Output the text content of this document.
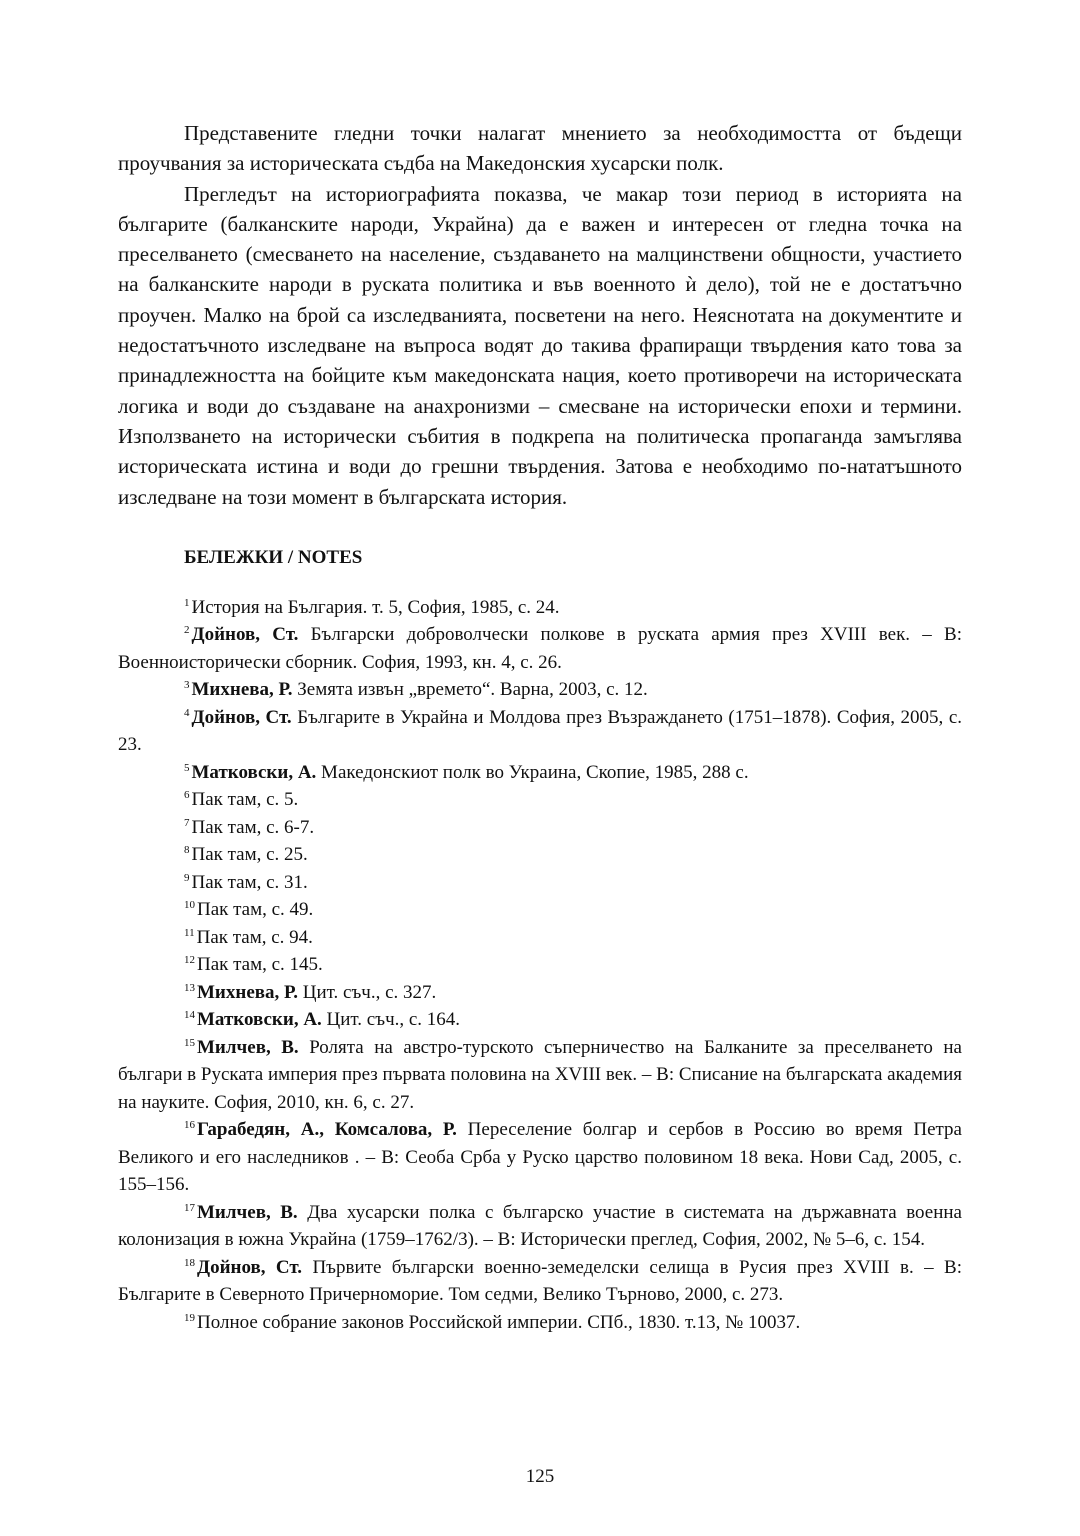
Представените гледни точки налагат мнението за необходимостта от бъдещи проучвания за историческата съдба на Македонския хусарски полк.

Прегледът на историографията показва, че макар този период в историята на българите (балканските народи, Украйна) да е важен и интересен от гледна точка на преселването (смесването на население, създаването на малцинствени общности, участието на балканските народи в руската политика и във военното ѝ дело), той не е достатъчно проучен. Малко на брой са изследванията, посветени на него. Неяснотата на документите и недостатъчното изследване на въпроса водят до такива фрапиращи твърдения като това за принадлежността на бойците към македонската нация, което противоречи на историческата логика и води до създаване на анахронизми – смесване на исторически епохи и термини. Използването на исторически събития в подкрепа на политическа пропаганда замъглява историческата истина и води до грешни твърдения. Затова е необходимо по-нататъшното изследване на този момент в българската история.

БЕЛЕЖКИ / NOTES

$^1$ История на България. т. 5, София, 1985, с. 24.

$^2$ Дойнов, Ст. Български доброволчески полкове в руската армия през XVIII век. – В: Военноисторически сборник. София, 1993, кн. 4, с. 26.

$^3$ Михнева, Р. Земята извън „времето“. Варна, 2003, с. 12.

$^4$ Дойнов, Ст. Българите в Украйна и Молдова през Възраждането (1751–1878). София, 2005, с. 23.

$^5$ Матковски, А. Македонскиот полк во Украина, Скопие, 1985, 288 с.

$^6$ Пак там, с. 5.

$^7$ Пак там, с. 6-7.

$^8$ Пак там, с. 25.

$^9$ Пак там, с. 31.

$^{10}$ Пак там, с. 49.

$^{11}$ Пак там, с. 94.

$^{12}$ Пак там, с. 145.

$^{13}$ Михнева, Р. Цит. съч., с. 327.

$^{14}$ Матковски, А. Цит. съч., с. 164.

$^{15}$ Милчев, В. Ролята на австро-турското съперничество на Балканите за преселването на българи в Руската империя през първата половина на XVIII век. – В: Списание на българската академия на науките. София, 2010, кн. 6, с. 27.

$^{16}$ Гарабедян, А., Комсалова, Р. Переселение болгар и сербов в Россию во время Петра Великого и его наследников . – В: Сеоба Срба у Руско царство половином 18 века. Нови Сад, 2005, с. 155–156.

$^{17}$ Милчев, В. Два хусарски полка с българско участие в системата на държавната военна колонизация в южна Украйна (1759–1762/3). – В: Исторически преглед, София, 2002, № 5–6, с. 154.

$^{18}$ Дойнов, Ст. Първите български военно-земеделски селища в Русия през XVIII в. – В: Българите в Северното Причерноморие. Том седми, Велико Търново, 2000, с. 273.

$^{19}$ Полное собрание законов Российской империи. СПб., 1830. т.13, № 10037.

125
